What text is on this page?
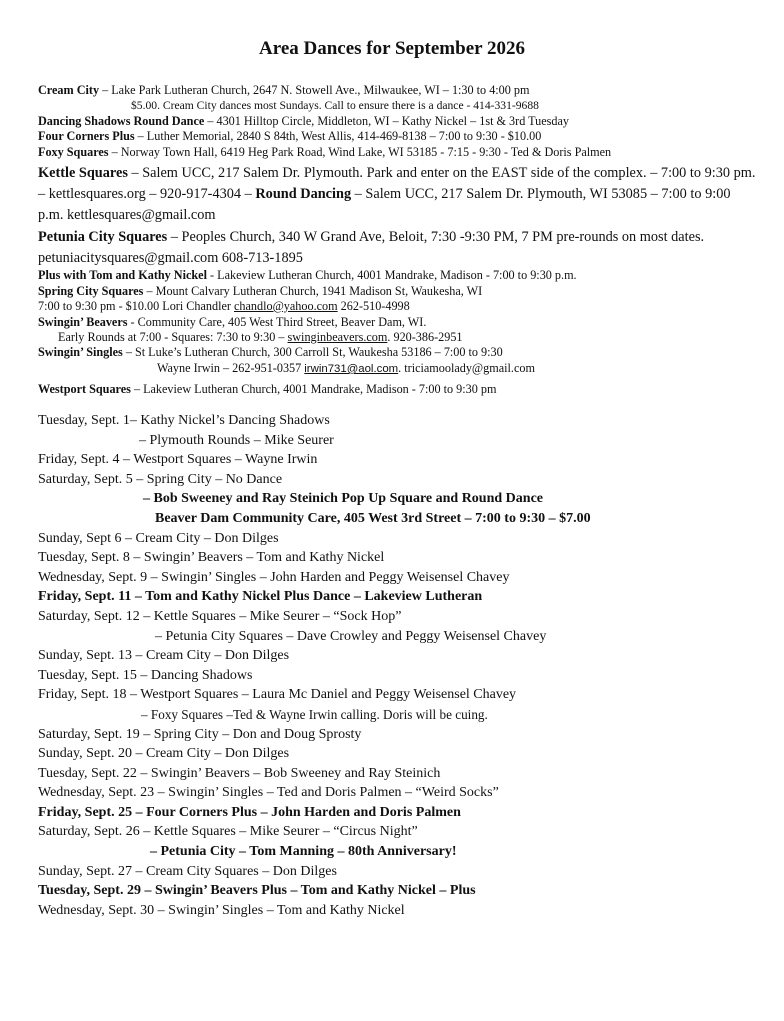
Area Dances for September 2026
Cream City – Lake Park Lutheran Church, 2647 N. Stowell Ave., Milwaukee, WI – 1:30 to 4:00 pm
$5.00. Cream City dances most Sundays. Call to ensure there is a dance - 414-331-9688
Dancing Shadows Round Dance – 4301 Hilltop Circle, Middleton, WI – Kathy Nickel – 1st & 3rd Tuesday
Four Corners Plus – Luther Memorial, 2840 S 84th, West Allis, 414-469-8138 – 7:00 to 9:30 - $10.00
Foxy Squares – Norway Town Hall, 6419 Heg Park Road, Wind Lake, WI 53185 - 7:15 - 9:30 - Ted & Doris Palmen
Kettle Squares – Salem UCC, 217 Salem Dr. Plymouth. Park and enter on the EAST side of the complex. – 7:00 to 9:30 pm. – kettlesquares.org – 920-917-4304 – Round Dancing – Salem UCC, 217 Salem Dr. Plymouth, WI 53085 – 7:00 to 9:00 p.m. kettlesquares@gmail.com
Petunia City Squares – Peoples Church, 340 W Grand Ave, Beloit, 7:30 -9:30 PM, 7 PM pre-rounds on most dates. petuniacitysquares@gmail.com 608-713-1895
Plus with Tom and Kathy Nickel - Lakeview Lutheran Church, 4001 Mandrake, Madison - 7:00 to 9:30 p.m.
Spring City Squares – Mount Calvary Lutheran Church, 1941 Madison St, Waukesha, WI
7:00 to 9:30 pm - $10.00 Lori Chandler chandlo@yahoo.com 262-510-4998
Swingin’ Beavers - Community Care, 405 West Third Street, Beaver Dam, WI.
Early Rounds at 7:00 - Squares: 7:30 to 9:30 – swinginbeavers.com. 920-386-2951
Swingin’ Singles – St Luke’s Lutheran Church, 300 Carroll St, Waukesha 53186 – 7:00 to 9:30
Wayne Irwin – 262-951-0357 irwin731@aol.com. triciamoolady@gmail.com
Westport Squares – Lakeview Lutheran Church, 4001 Mandrake, Madison - 7:00 to 9:30 pm
Tuesday, Sept. 1– Kathy Nickel’s Dancing Shadows
– Plymouth Rounds – Mike Seurer
Friday, Sept. 4 – Westport Squares – Wayne Irwin
Saturday, Sept. 5 – Spring City – No Dance
– Bob Sweeney and Ray Steinich Pop Up Square and Round Dance
Beaver Dam Community Care, 405 West 3rd Street – 7:00 to 9:30 – $7.00
Sunday, Sept 6 – Cream City – Don Dilges
Tuesday, Sept. 8 – Swingin’ Beavers – Tom and Kathy Nickel
Wednesday, Sept. 9 – Swingin’ Singles – John Harden and Peggy Weisensel Chavey
Friday, Sept. 11 – Tom and Kathy Nickel Plus Dance – Lakeview Lutheran
Saturday, Sept. 12 – Kettle Squares – Mike Seurer – “Sock Hop”
– Petunia City Squares – Dave Crowley and Peggy Weisensel Chavey
Sunday, Sept. 13 – Cream City – Don Dilges
Tuesday, Sept. 15 – Dancing Shadows
Friday, Sept. 18 – Westport Squares – Laura Mc Daniel and Peggy Weisensel Chavey
– Foxy Squares –Ted & Wayne Irwin calling. Doris will be cuing.
Saturday, Sept. 19 – Spring City – Don and Doug Sprosty
Sunday, Sept. 20 – Cream City – Don Dilges
Tuesday, Sept. 22 – Swingin’ Beavers – Bob Sweeney and Ray Steinich
Wednesday, Sept. 23 – Swingin’ Singles – Ted and Doris Palmen – “Weird Socks”
Friday, Sept. 25 – Four Corners Plus – John Harden and Doris Palmen
Saturday, Sept. 26 – Kettle Squares – Mike Seurer – “Circus Night”
– Petunia City – Tom Manning – 80th Anniversary!
Sunday, Sept. 27 – Cream City Squares – Don Dilges
Tuesday, Sept. 29 – Swingin’ Beavers Plus – Tom and Kathy Nickel – Plus
Wednesday, Sept. 30 – Swingin’ Singles – Tom and Kathy Nickel
